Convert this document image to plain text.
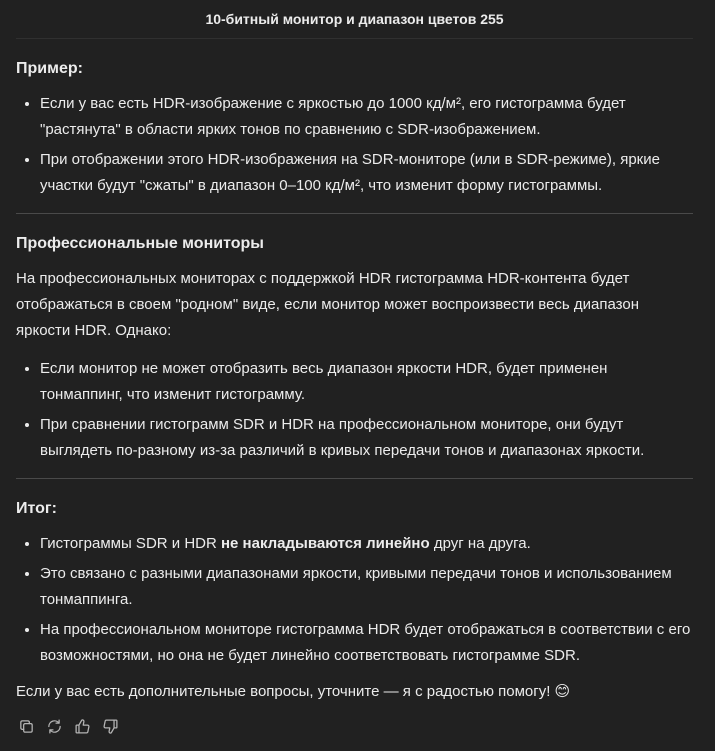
10-битный монитор и диапазон цветов 255
Пример:
• Если у вас есть HDR-изображение с яркостью до 1000 кд/м², его гистограмма будет "растянута" в области ярких тонов по сравнению с SDR-изображением.
• При отображении этого HDR-изображения на SDR-мониторе (или в SDR-режиме), яркие участки будут "сжаты" в диапазон 0–100 кд/м², что изменит форму гистограммы.
Профессиональные мониторы

На профессиональных мониторах с поддержкой HDR гистограмма HDR-контента будет отображаться в своем "родном" виде, если монитор может воспроизвести весь диапазон яркости HDR. Однако:

• Если монитор не может отобразить весь диапазон яркости HDR, будет применен тонмаппинг, что изменит гистограмму.
• При сравнении гистограмм SDR и HDR на профессиональном мониторе, они будут выглядеть по-разному из-за различий в кривых передачи тонов и диапазонах яркости.
Итог:
• Гистограммы SDR и HDR не накладываются линейно друг на друга.
• Это связано с разными диапазонами яркости, кривыми передачи тонов и использованием тонмаппинга.
• На профессиональном мониторе гистограмма HDR будет отображаться в соответствии с его возможностями, но она не будет линейно соответствовать гистограмме SDR.

Если у вас есть дополнительные вопросы, уточните — я с радостью помогу! 😊
